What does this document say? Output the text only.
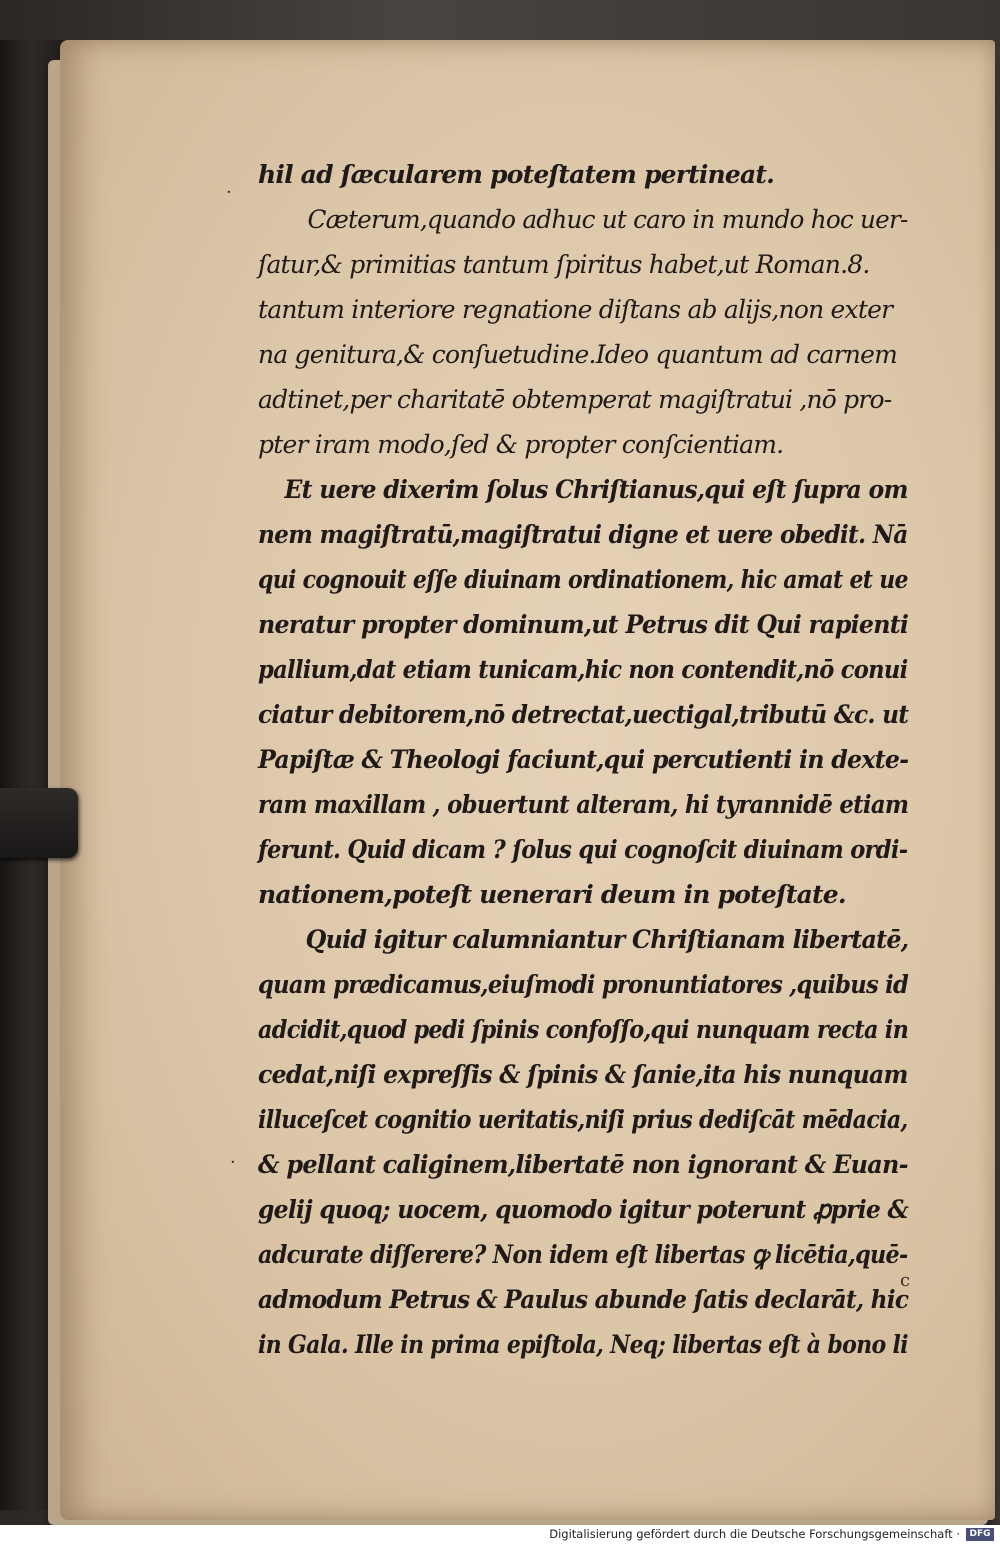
hil ad ſæcularem poteſtatem pertineat.
Cæterum,quando adhuc ut caro in mundo hoc uer-
ſatur,& primitias tantum ſpiritus habet,ut Roman.8.
tantum interiore regnatione diſtans ab alijs,non exter
na genitura,& conſuetudine.Ideo quantum ad carnem
adtinet,per charitatē obtemperat magiſtratui ,nō pro-
pter iram modo,ſed & propter conſcientiam.
Et uere dixerim ſolus Chriſtianus,qui eſt ſupra om
nem magiſtratū,magiſtratui digne et uere obedit. Nā
qui cognouit eſſe diuinam ordinationem, hic amat et ue
neratur propter dominum,ut Petrus dit Qui rapienti
pallium,dat etiam tunicam,hic non contendit,nō conui
ciatur debitorem,nō detrectat,uectigal,tributū &c. ut
Papiſtæ & Theologi faciunt,qui percutienti in dexte-
ram maxillam , obuertunt alteram, hi tyrannidē etiam
ferunt. Quid dicam ? ſolus qui cognoſcit diuinam ordi-
nationem,poteſt uenerari deum in poteſtate.
Quid igitur calumniantur Chriſtianam libertatē,
quam prædicamus,eiuſmodi pronuntiatores ,quibus id
adcidit,quod pedi ſpinis confoſſo,qui nunquam recta in
cedat,niſi expreſſis & ſpinis & ſanie,ita his nunquam
illuceſcet cognitio ueritatis,niſi prius dediſcāt mēdacia,
& pellant caliginem,libertatē non ignorant & Euan-
gelij quoq; uocem, quomodo igitur poterunt ꝓprie &
adcurate diſſerere? Non idem eſt libertas ꝙ licētia,quē-
admodum Petrus & Paulus abunde ſatis declarāt, hic
in Gala. Ille in prima epiſtola, Neq; libertas eſt à bono li
·
·
c
Digitalisierung gefördert durch die Deutsche Forschungsgemeinschaft ·	DFG
